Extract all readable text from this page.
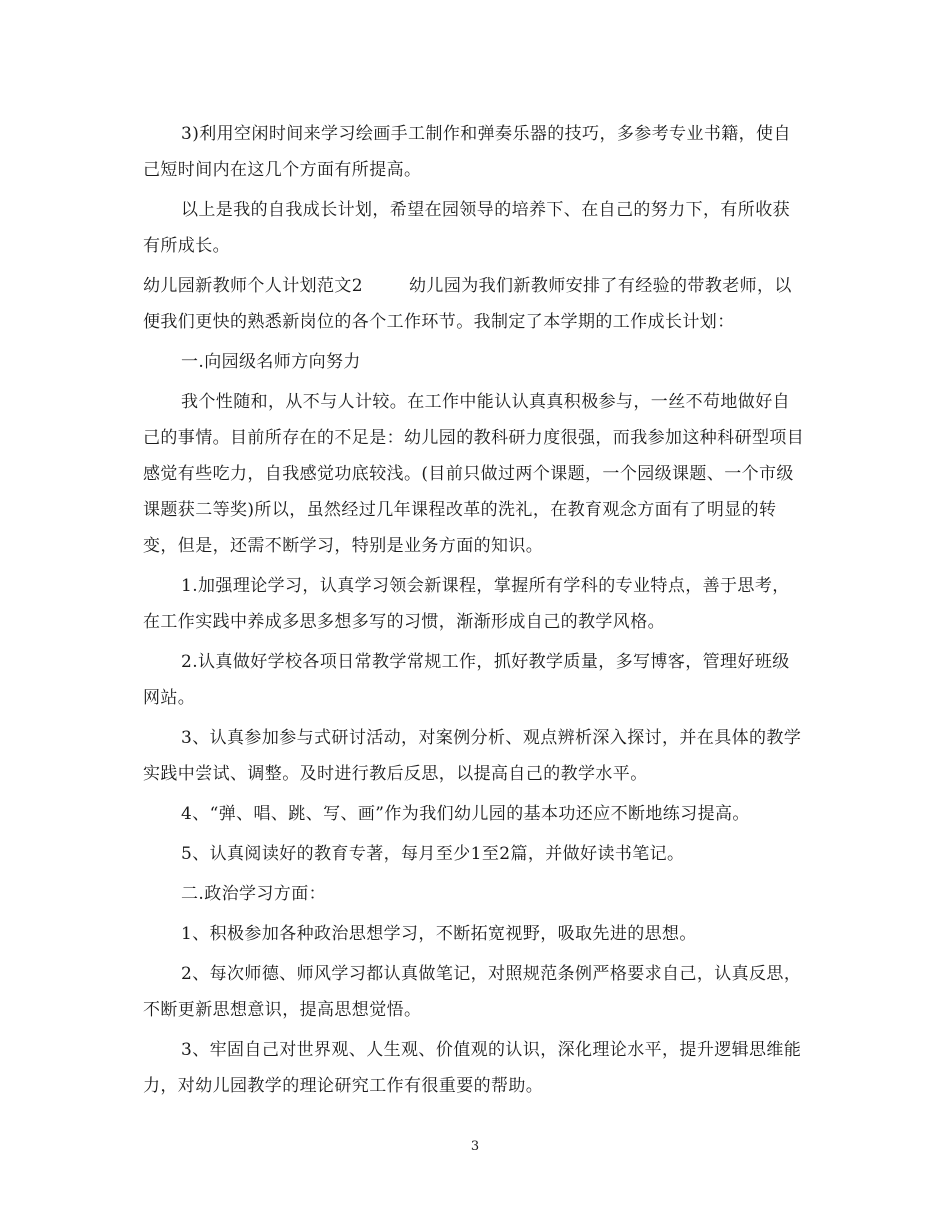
3)利用空闲时间来学习绘画手工制作和弹奏乐器的技巧，多参考专业书籍，使自己短时间内在这几个方面有所提高。

以上是我的自我成长计划，希望在园领导的培养下、在自己的努力下，有所收获有所成长。

幼儿园新教师个人计划范文2	幼儿园为我们新教师安排了有经验的带教老师，以便我们更快的熟悉新岗位的各个工作环节。我制定了本学期的工作成长计划：

一.向园级名师方向努力

我个性随和，从不与人计较。在工作中能认认真真积极参与，一丝不苟地做好自己的事情。目前所存在的不足是：幼儿园的教科研力度很强，而我参加这种科研型项目感觉有些吃力，自我感觉功底较浅。(目前只做过两个课题，一个园级课题、一个市级课题获二等奖)所以，虽然经过几年课程改革的洗礼，在教育观念方面有了明显的转变，但是，还需不断学习，特别是业务方面的知识。

1.加强理论学习，认真学习领会新课程，掌握所有学科的专业特点，善于思考，在工作实践中养成多思多想多写的习惯，渐渐形成自己的教学风格。

2.认真做好学校各项日常教学常规工作，抓好教学质量，多写博客，管理好班级网站。

3、认真参加参与式研讨活动，对案例分析、观点辨析深入探讨，并在具体的教学实践中尝试、调整。及时进行教后反思，以提高自己的教学水平。

4、“弹、唱、跳、写、画”作为我们幼儿园的基本功还应不断地练习提高。

5、认真阅读好的教育专著，每月至少1至2篇，并做好读书笔记。

二.政治学习方面：

1、积极参加各种政治思想学习，不断拓宽视野，吸取先进的思想。

2、每次师德、师风学习都认真做笔记，对照规范条例严格要求自己，认真反思，不断更新思想意识，提高思想觉悟。

3、牢固自己对世界观、人生观、价值观的认识，深化理论水平，提升逻辑思维能力，对幼儿园教学的理论研究工作有很重要的帮助。

3
